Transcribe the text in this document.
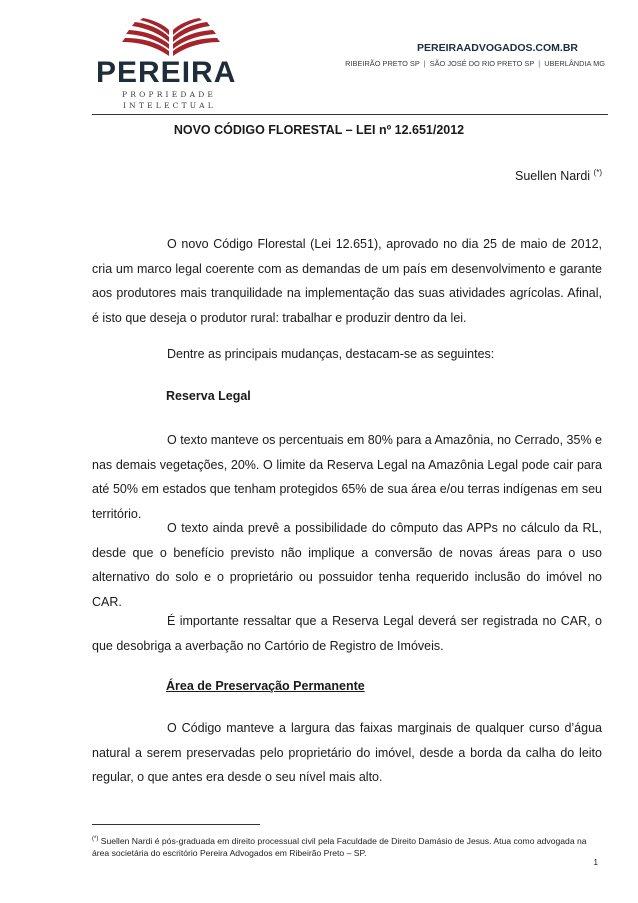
PEREIRA
PROPRIEDADE
INTELECTUAL
PEREIRAADVOGADOS.COM.BR
RIBEIRÃO PRETO SP | SÃO JOSÉ DO RIO PRETO SP | UBERLÂNDIA MG
NOVO CÓDIGO FLORESTAL – LEI nº 12.651/2012
Suellen Nardi (*)
O novo Código Florestal (Lei 12.651), aprovado no dia 25 de maio de 2012, cria um marco legal coerente com as demandas de um país em desenvolvimento e garante aos produtores mais tranquilidade na implementação das suas atividades agrícolas. Afinal, é isto que deseja o produtor rural: trabalhar e produzir dentro da lei.
Dentre as principais mudanças, destacam-se as seguintes:
Reserva Legal
O texto manteve os percentuais em 80% para a Amazônia, no Cerrado, 35% e nas demais vegetações, 20%. O limite da Reserva Legal na Amazônia Legal pode cair para até 50% em estados que tenham protegidos 65% de sua área e/ou terras indígenas em seu território.
O texto ainda prevê a possibilidade do cômputo das APPs no cálculo da RL, desde que o benefício previsto não implique a conversão de novas áreas para o uso alternativo do solo e o proprietário ou possuidor tenha requerido inclusão do imóvel no CAR.
É importante ressaltar que a Reserva Legal deverá ser registrada no CAR, o que desobriga a averbação no Cartório de Registro de Imóveis.
Área de Preservação Permanente
O Código manteve a largura das faixas marginais de qualquer curso d’água natural a serem preservadas pelo proprietário do imóvel, desde a borda da calha do leito regular, o que antes era desde o seu nível mais alto.
(*) Suellen Nardi é pós-graduada em direito processual civil pela Faculdade de Direito Damásio de Jesus. Atua como advogada na área societária do escritório Pereira Advogados em Ribeirão Preto – SP.
1
